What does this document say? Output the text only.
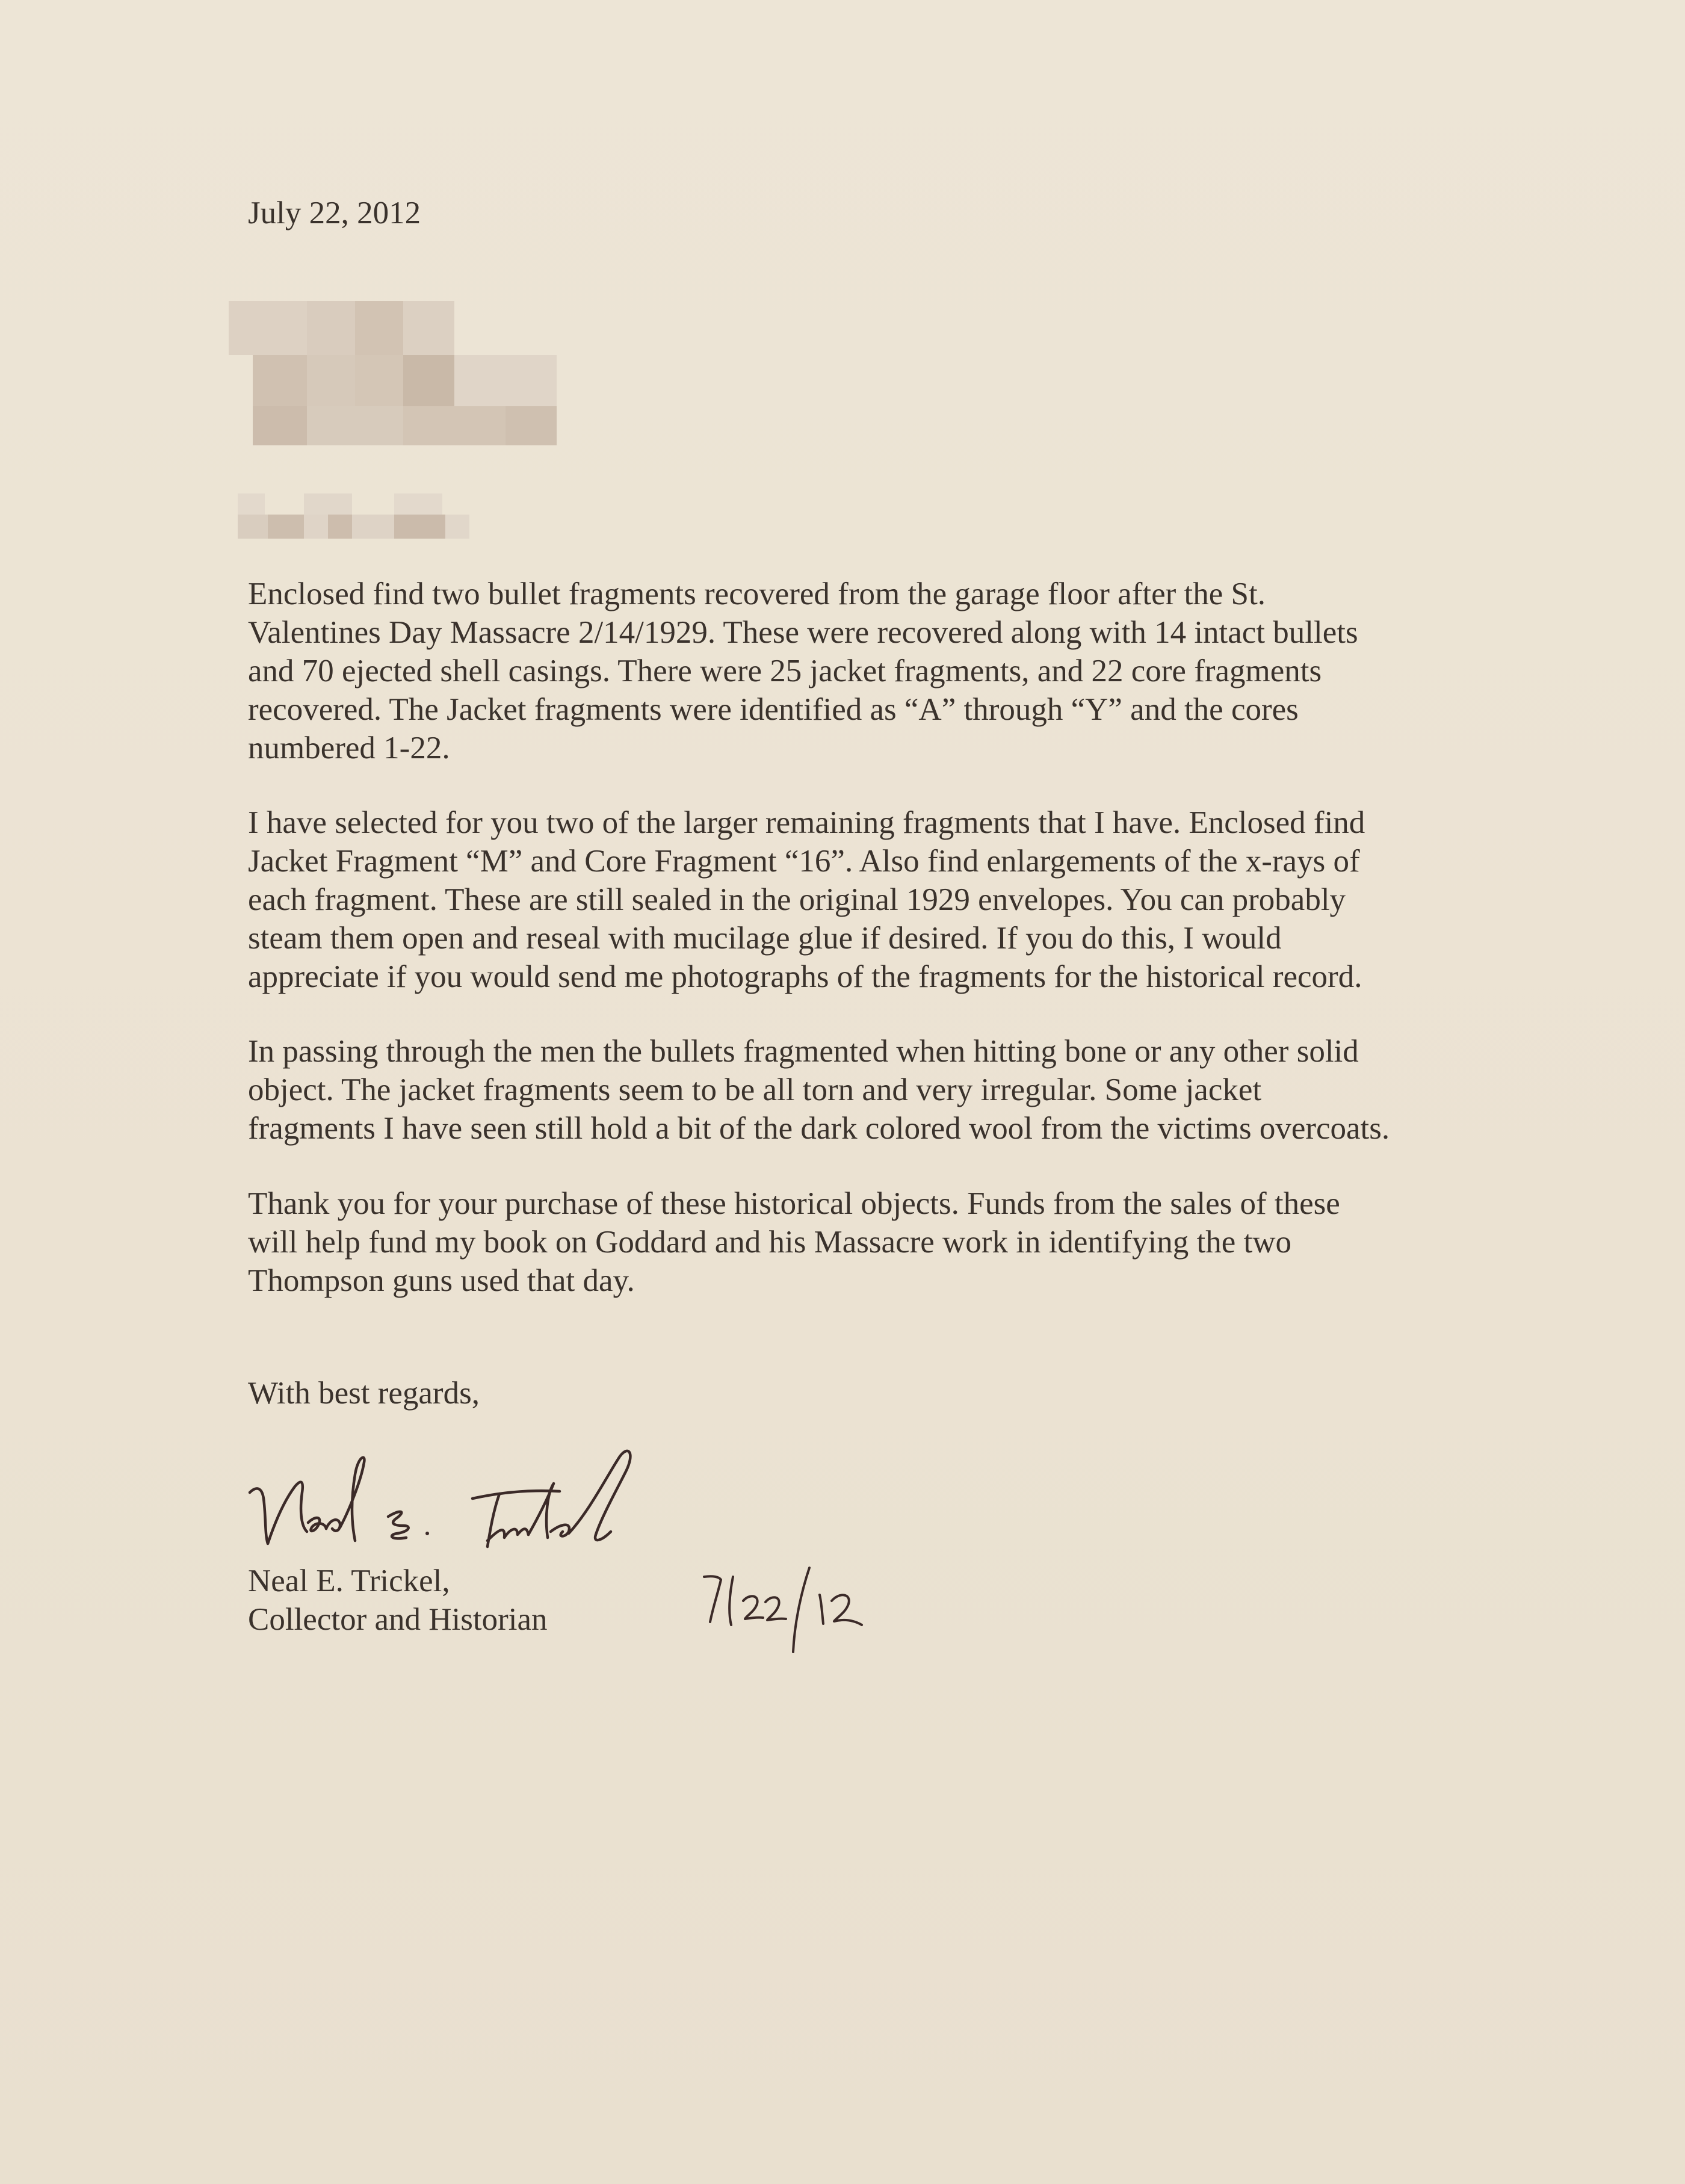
July 22, 2012
Enclosed find two bullet fragments recovered from the garage floor after the St.
Valentines Day Massacre 2/14/1929. These were recovered along with 14 intact bullets
and 70 ejected shell casings. There were 25 jacket fragments, and 22 core fragments
recovered. The Jacket fragments were identified as “A” through “Y” and the cores
numbered 1-22.
I have selected for you two of the larger remaining fragments that I have. Enclosed find
Jacket Fragment “M” and Core Fragment “16”. Also find enlargements of the x-rays of
each fragment. These are still sealed in the original 1929 envelopes. You can probably
steam them open and reseal with mucilage glue if desired. If you do this, I would
appreciate if you would send me photographs of the fragments for the historical record.
In passing through the men the bullets fragmented when hitting bone or any other solid
object. The jacket fragments seem to be all torn and very irregular. Some jacket
fragments I have seen still hold a bit of the dark colored wool from the victims overcoats.
Thank you for your purchase of these historical objects. Funds from the sales of these
will help fund my book on Goddard and his Massacre work in identifying the two
Thompson guns used that day.
With best regards,
Neal E. Trickel,
Collector and Historian
